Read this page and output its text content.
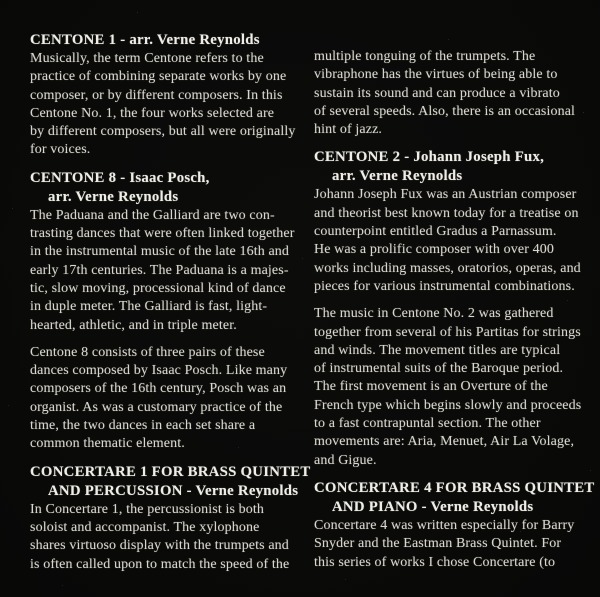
CENTONE 1 - arr. Verne Reynolds
Musically, the term Centone refers to the
practice of combining separate works by one
composer, or by different composers. In this
Centone No. 1, the four works selected are
by different composers, but all were originally
for voices.
CENTONE 8 - Isaac Posch,
arr. Verne Reynolds
The Paduana and the Galliard are two con-
trasting dances that were often linked together
in the instrumental music of the late 16th and
early 17th centuries. The Paduana is a majes-
tic, slow moving, processional kind of dance
in duple meter. The Galliard is fast, light-
hearted, athletic, and in triple meter.
Centone 8 consists of three pairs of these
dances composed by Isaac Posch. Like many
composers of the 16th century, Posch was an
organist. As was a customary practice of the
time, the two dances in each set share a
common thematic element.
CONCERTARE 1 FOR BRASS QUINTET
AND PERCUSSION - Verne Reynolds
In Concertare 1, the percussionist is both
soloist and accompanist. The xylophone
shares virtuoso display with the trumpets and
is often called upon to match the speed of the
multiple tonguing of the trumpets. The
vibraphone has the virtues of being able to
sustain its sound and can produce a vibrato
of several speeds. Also, there is an occasional
hint of jazz.
CENTONE 2 - Johann Joseph Fux,
arr. Verne Reynolds
Johann Joseph Fux was an Austrian composer
and theorist best known today for a treatise on
counterpoint entitled Gradus a Parnassum.
He was a prolific composer with over 400
works including masses, oratorios, operas, and
pieces for various instrumental combinations.
The music in Centone No. 2 was gathered
together from several of his Partitas for strings
and winds. The movement titles are typical
of instrumental suits of the Baroque period.
The first movement is an Overture of the
French type which begins slowly and proceeds
to a fast contrapuntal section. The other
movements are: Aria, Menuet, Air La Volage,
and Gigue.
CONCERTARE 4 FOR BRASS QUINTET
AND PIANO - Verne Reynolds
Concertare 4 was written especially for Barry
Snyder and the Eastman Brass Quintet. For
this series of works I chose Concertare (to
